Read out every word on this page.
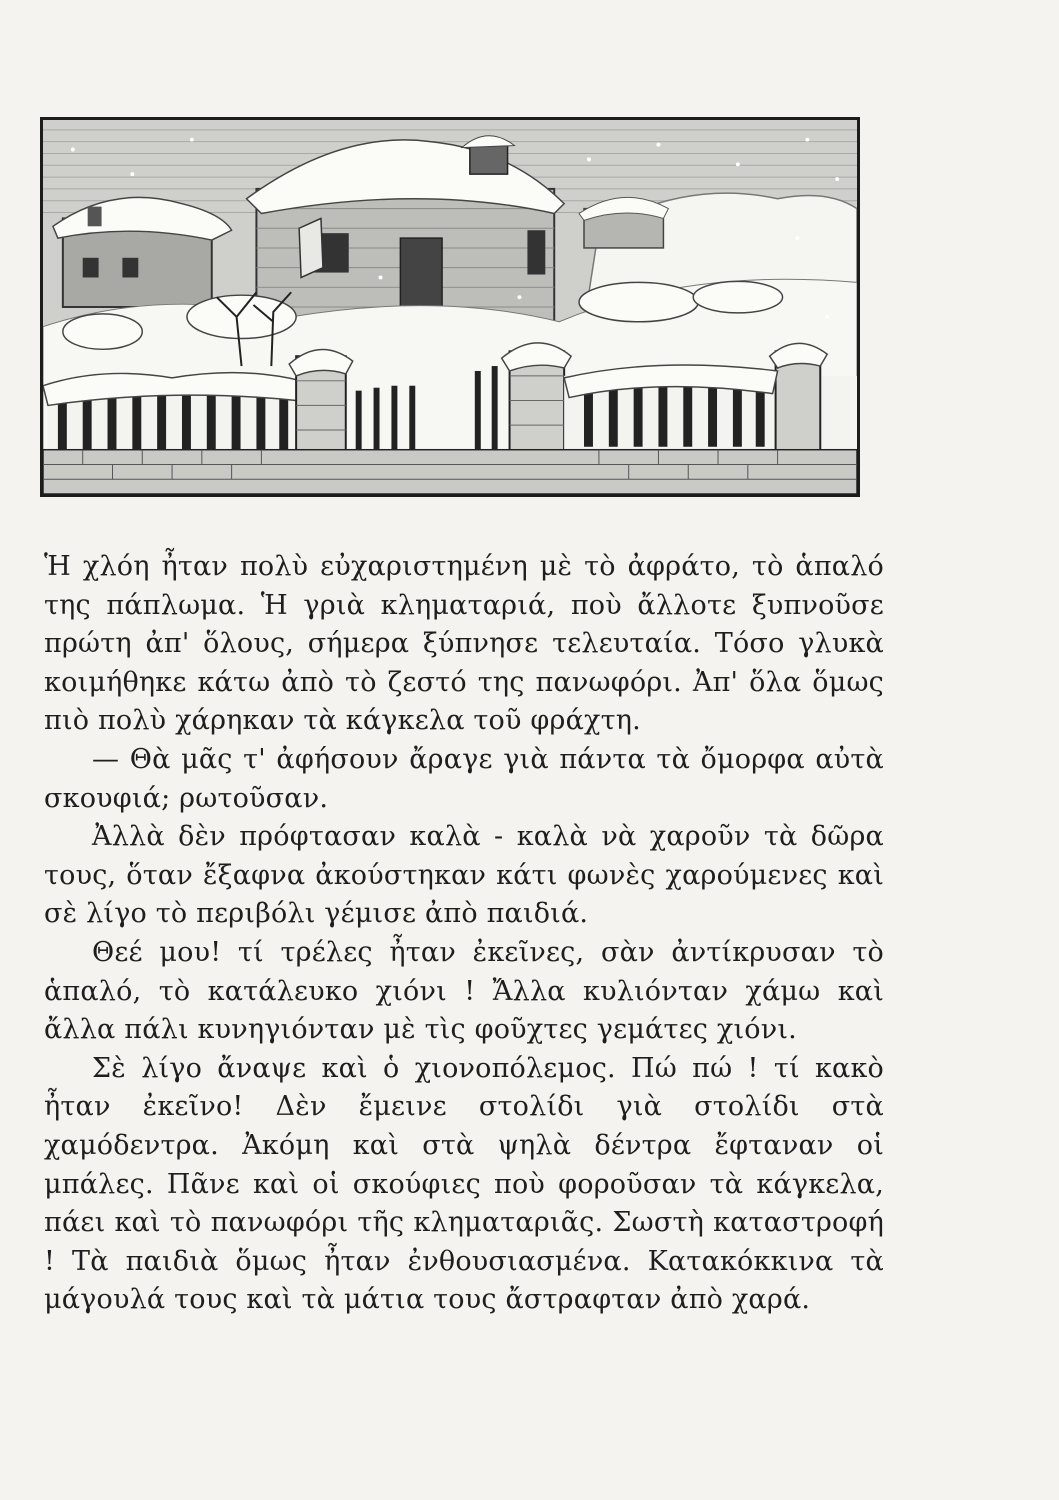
Ἡ χλόη ἦταν πολὺ εὐχαριστημένη μὲ τὸ ἀφράτο, τὸ ἁπαλό της πάπλωμα. Ἡ γριὰ κληματαριά, ποὺ ἄλλοτε ξυπνοῦσε πρώτη ἀπ' ὅλους, σήμερα ξύπνησε τελευταία. Τόσο γλυκὰ κοιμήθηκε κάτω ἀπὸ τὸ ζεστό της πανωφόρι. Ἀπ' ὅλα ὅμως πιὸ πολὺ χάρηκαν τὰ κάγκελα τοῦ φράχτη.

— Θὰ μᾶς τ' ἀφήσουν ἄραγε γιὰ πάντα τὰ ὄμορφα αὐτὰ σκουφιά; ρωτοῦσαν.

Ἀλλὰ δὲν πρόφτασαν καλὰ - καλὰ νὰ χαροῦν τὰ δῶρα τους, ὅταν ἔξαφνα ἀκούστηκαν κάτι φωνὲς χαρούμενες καὶ σὲ λίγο τὸ περιβόλι γέμισε ἀπὸ παιδιά.

Θεέ μου! τί τρέλες ἦταν ἐκεῖνες, σὰν ἀντίκρυσαν τὸ ἁπαλό, τὸ κατάλευκο χιόνι ! Ἄλλα κυλιόνταν χάμω καὶ ἄλλα πάλι κυνηγιόνταν μὲ τὶς φοῦχτες γεμάτες χιόνι.

Σὲ λίγο ἄναψε καὶ ὁ χιονοπόλεμος. Πώ πώ ! τί κακὸ ἦταν ἐκεῖνο! Δὲν ἔμεινε στολίδι γιὰ στολίδι στὰ χαμόδεντρα. Ἀκόμη καὶ στὰ ψηλὰ δέντρα ἔφταναν οἱ μπάλες. Πᾶνε καὶ οἱ σκούφιες ποὺ φοροῦσαν τὰ κάγκελα, πάει καὶ τὸ πανωφόρι τῆς κληματαριᾶς. Σωστὴ καταστροφή ! Τὰ παιδιὰ ὅμως ἦταν ἐνθουσιασμένα. Κατακόκκινα τὰ μάγουλά τους καὶ τὰ μάτια τους ἄστραφταν ἀπὸ χαρά.
